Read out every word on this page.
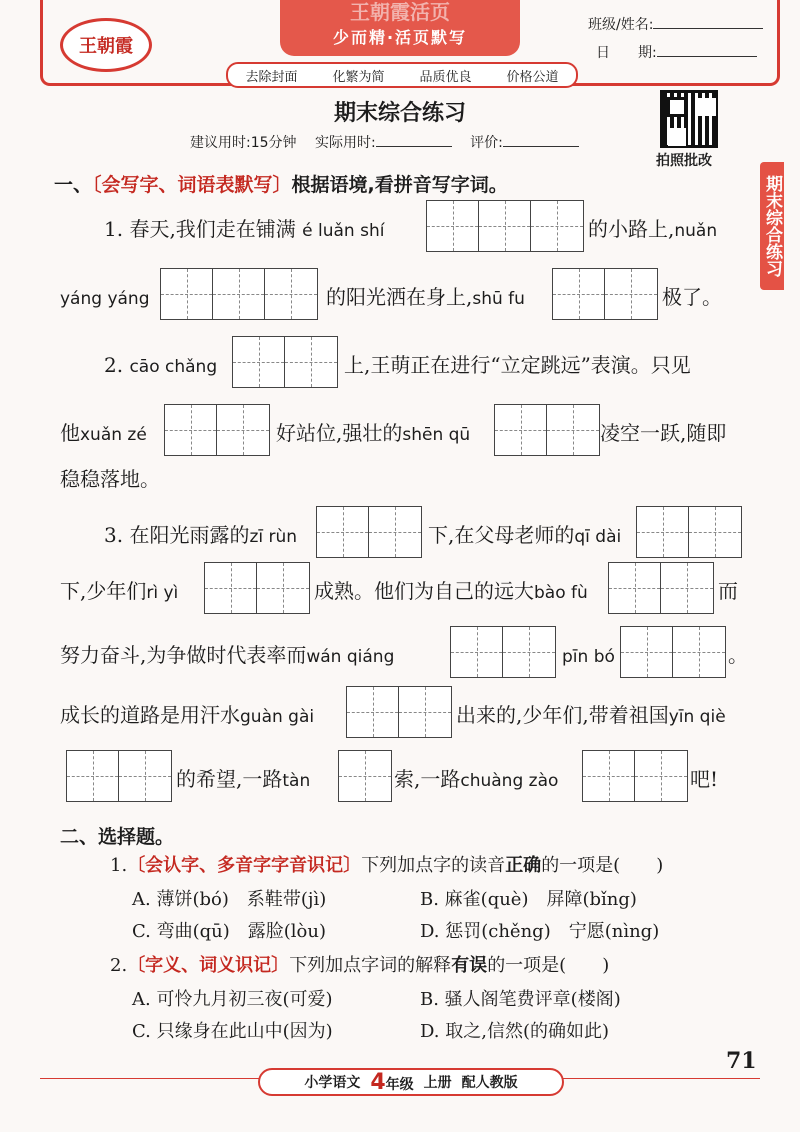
王朝霞
王朝霞活页
少而精·活页默写
班级/姓名:
日　　期:
去除封面	化繁为简	品质优良	价格公道
期末综合练习
建议用时:15分钟　 实际用时:　	评价:
拍照批改
期末综合练习
一、〔会写字、词语表默写〕根据语境,看拼音写字词。
1. 春天,我们走在铺满 é luǎn shí	的小路上,nuǎn
yáng yáng	的阳光洒在身上,shū fu	极了。
2. cāo chǎng	上,王萌正在进行“立定跳远”表演。只见
他xuǎn zé	好站位,强壮的shēn qū	凌空一跃,随即
稳稳落地。
3. 在阳光雨露的zī rùn	下,在父母老师的qī dài
下,少年们rì yì	成熟。他们为自己的远大bào fù	而
努力奋斗,为争做时代表率而wán qiáng	pīn bó	。
成长的道路是用汗水guàn gài	出来的,少年们,带着祖国yīn qiè
的希望,一路tàn	索,一路chuàng zào	吧!
二、选择题。
1.〔会认字、多音字字音识记〕下列加点字的读音正确的一项是(　　)
A. 薄饼(bó)　系鞋带(jì)	B. 麻雀(què)　屏障(bǐng)
C. 弯曲(qū)　露脸(lòu)	D. 惩罚(chěng)　宁愿(nìng)
2.〔字义、词义识记〕下列加点字词的解释有误的一项是(　　)
A. 可怜九月初三夜(可爱)	B. 骚人阁笔费评章(楼阁)
C. 只缘身在此山中(因为)	D. 取之,信然(的确如此)
小学语文 4年级 上册 配人教版
71
